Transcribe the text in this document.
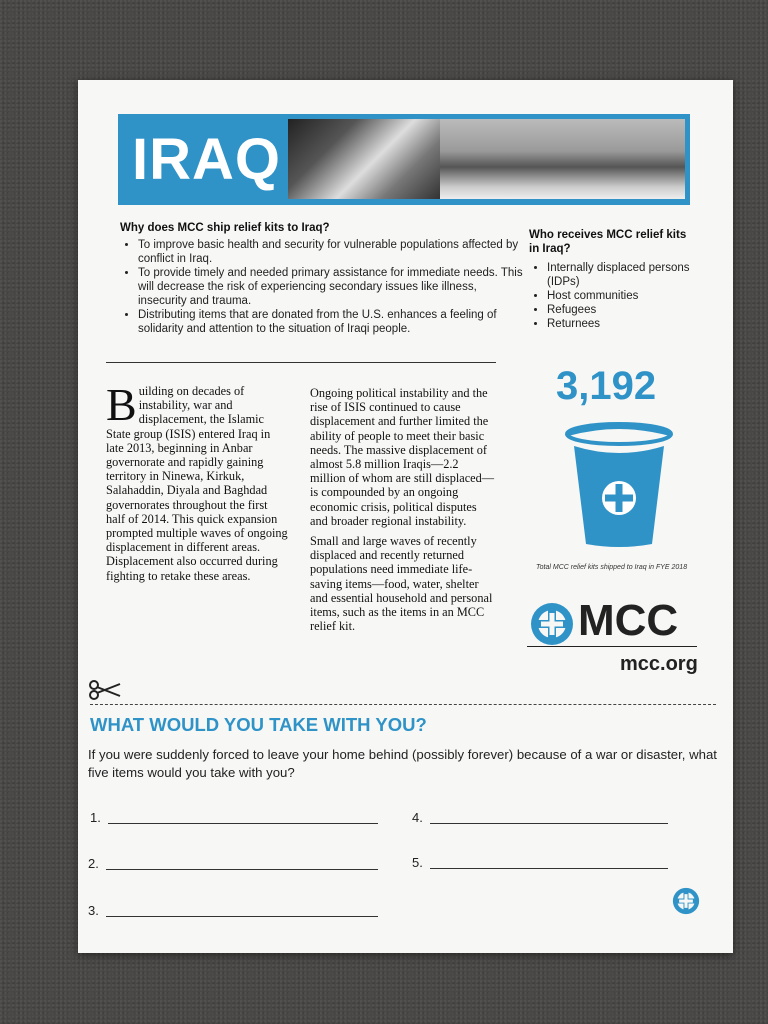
IRAQ
Why does MCC ship relief kits to Iraq?
• To improve basic health and security for vulnerable populations affected by conflict in Iraq.
• To provide timely and needed primary assistance for immediate needs. This will decrease the risk of experiencing secondary issues like illness, insecurity and trauma.
• Distributing items that are donated from the U.S. enhances a feeling of solidarity and attention to the situation of Iraqi people.
Who receives MCC relief kits in Iraq?
• Internally displaced persons (IDPs)
• Host communities
• Refugees
• Returnees
Building on decades of instability, war and displacement, the Islamic State group (ISIS) entered Iraq in late 2013, beginning in Anbar governorate and rapidly gaining territory in Ninewa, Kirkuk, Salahaddin, Diyala and Baghdad governorates throughout the first half of 2014. This quick expansion prompted multiple waves of ongoing displacement in different areas. Displacement also occurred during fighting to retake these areas.

Ongoing political instability and the rise of ISIS continued to cause displacement and further limited the ability of people to meet their basic needs. The massive displacement of almost 5.8 million Iraqis—2.2 million of whom are still displaced—is compounded by an ongoing economic crisis, political disputes and broader regional instability.

Small and large waves of recently displaced and recently returned populations need immediate life-saving items—food, water, shelter and essential household and personal items, such as the items in an MCC relief kit.

3,192
Total MCC relief kits shipped to Iraq in FYE 2018
MCC
mcc.org
WHAT WOULD YOU TAKE WITH YOU?
If you were suddenly forced to leave your home behind (possibly forever) because of a war or disaster, what five items would you take with you?
1.
2.
3.
4.
5.
